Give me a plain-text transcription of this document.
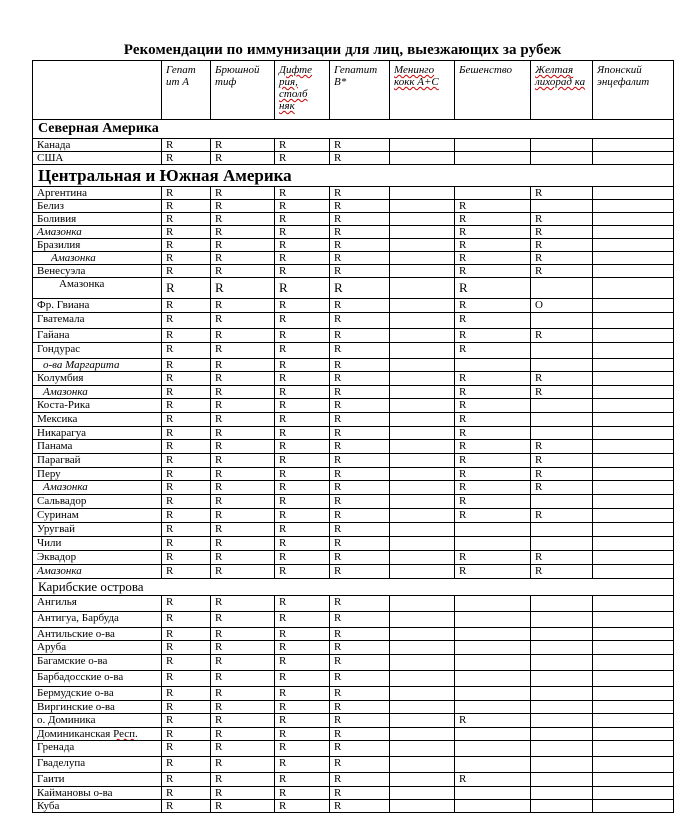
Рекомендации по иммунизации для лиц, выезжающих за рубеж
	Гепат ит А	Брюшной тиф	Дифте рия, столб няк	Гепатит В*	Менинго кокк А+С	Бешенство	Желтая лихорад ка	Японский энцефалит
Северная Америка								
Канада	R	R	R	R				
США	R	R	R	R				
Центральная и Южная Америка								
Аргентина	R	R	R	R			R	
Белиз	R	R	R	R		R		
Боливия	R	R	R	R		R	R	
Амазонка	R	R	R	R		R	R	
Бразилия	R	R	R	R		R	R	
Амазонка	R	R	R	R		R	R	
Венесуэла	R	R	R	R		R	R	
Амазонка	R	R	R	R		R		
Фр. Гвиана	R	R	R	R		R	O	
Гватемала	R	R	R	R		R		
Гайана	R	R	R	R		R	R	
Гондурас	R	R	R	R		R		
о-ва Маргарита	R	R	R	R				
Колумбия	R	R	R	R		R	R	
Амазонка	R	R	R	R		R	R	
Коста-Рика	R	R	R	R		R		
Мексика	R	R	R	R		R		
Никарагуа	R	R	R	R		R		
Панама	R	R	R	R		R	R	
Парагвай	R	R	R	R		R	R	
Перу	R	R	R	R		R	R	
Амазонка	R	R	R	R		R	R	
Сальвадор	R	R	R	R		R		
Суринам	R	R	R	R		R	R	
Уругвай	R	R	R	R				
Чили	R	R	R	R				
Эквадор	R	R	R	R		R	R	
Амазонка	R	R	R	R		R	R	
Карибские острова								
Ангилья	R	R	R	R				
Антигуа, Барбуда	R	R	R	R				
Антильские о-ва	R	R	R	R				
Аруба	R	R	R	R				
Багамские о-ва	R	R	R	R				
Барбадосские о-ва	R	R	R	R				
Бермудские о-ва	R	R	R	R				
Виргинские о-ва	R	R	R	R				
о. Доминика	R	R	R	R		R		
Доминиканская Респ.	R	R	R	R				
Гренада	R	R	R	R				
Гваделупа	R	R	R	R				
Гаити	R	R	R	R		R		
Каймановы о-ва	R	R	R	R				
Куба	R	R	R	R				
